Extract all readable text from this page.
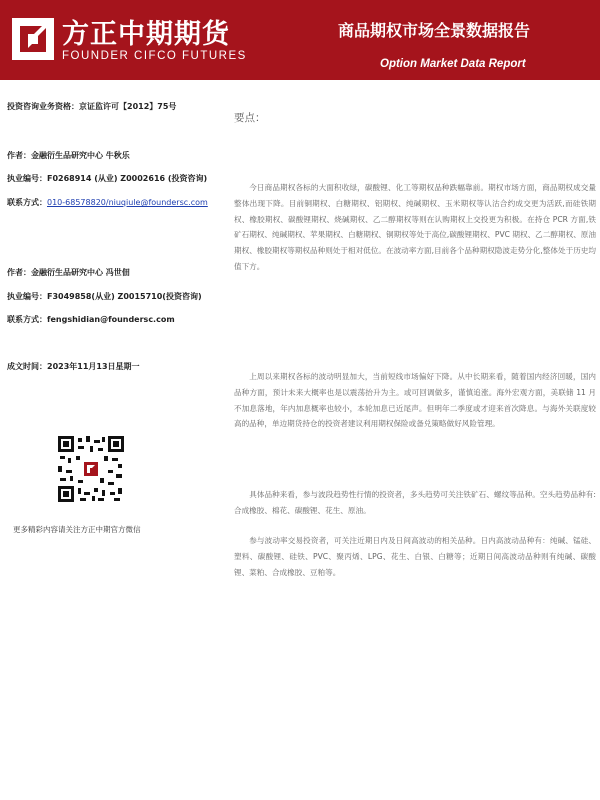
方正中期期货
FOUNDER CIFCO FUTURES
商品期权市场全景数据报告
Option Market Data Report
投资咨询业务资格：京证监许可【2012】75号
作者：金融衍生品研究中心 牛秋乐
执业编号：F0268914 (从业) Z0002616 (投资咨询)
联系方式：010-68578820/niuqiule@foundersc.com
作者：金融衍生品研究中心 冯世佃
执业编号：F3049858(从业) Z0015710(投资咨询)
联系方式：fengshidian@foundersc.com
成文时间：2023年11月13日星期一
更多精彩内容请关注方正中期官方微信
要点：

今日商品期权各标的大面积收绿，碳酸锂、化工等期权品种跌幅靠前。期权市场方面，商品期权成交量整体出现下降。目前铜期权、白糖期权、铝期权、纯碱期权、玉米期权等认沽合约成交更为活跃,而硅铁期权、橡胶期权、碳酸锂期权、烧碱期权、乙二醇期权等则在认购期权上交投更为积极。在持仓 PCR 方面,铁矿石期权、纯碱期权、苹果期权、白糖期权、铜期权等处于高位,碳酸锂期权、PVC 期权、乙二醇期权、原油期权、橡胶期权等期权品种则处于相对低位。在波动率方面,目前各个品种期权隐波走势分化,整体处于历史均值下方。

上周以来期权各标的波动明显加大，当前短线市场偏好下降。从中长期来看，随着国内经济回暖，国内品种方面，预计未来大概率也是以震荡抬升为主。或可回调做多，谨慎追涨。海外宏观方面，美联储 11 月不加息落地，年内加息概率也较小，本轮加息已近尾声。但明年二季度或才迎来首次降息。与海外关联度较高的品种，单边期货持仓的投资者建议利用期权保险或备兑策略做好风险管理。

具体品种来看，参与波段趋势性行情的投资者，多头趋势可关注铁矿石、螺纹等品种。空头趋势品种有:合成橡胶、棉花、碳酸锂、花生、原油。

参与波动率交易投资者，可关注近期日内及日间高波动的相关品种。日内高波动品种有：纯碱、锰硅、塑料、碳酸锂、硅铁、PVC、聚丙烯、LPG、花生、白银、白糖等；近期日间高波动品种则有纯碱、碳酸锂、菜粕、合成橡胶、豆粕等。
